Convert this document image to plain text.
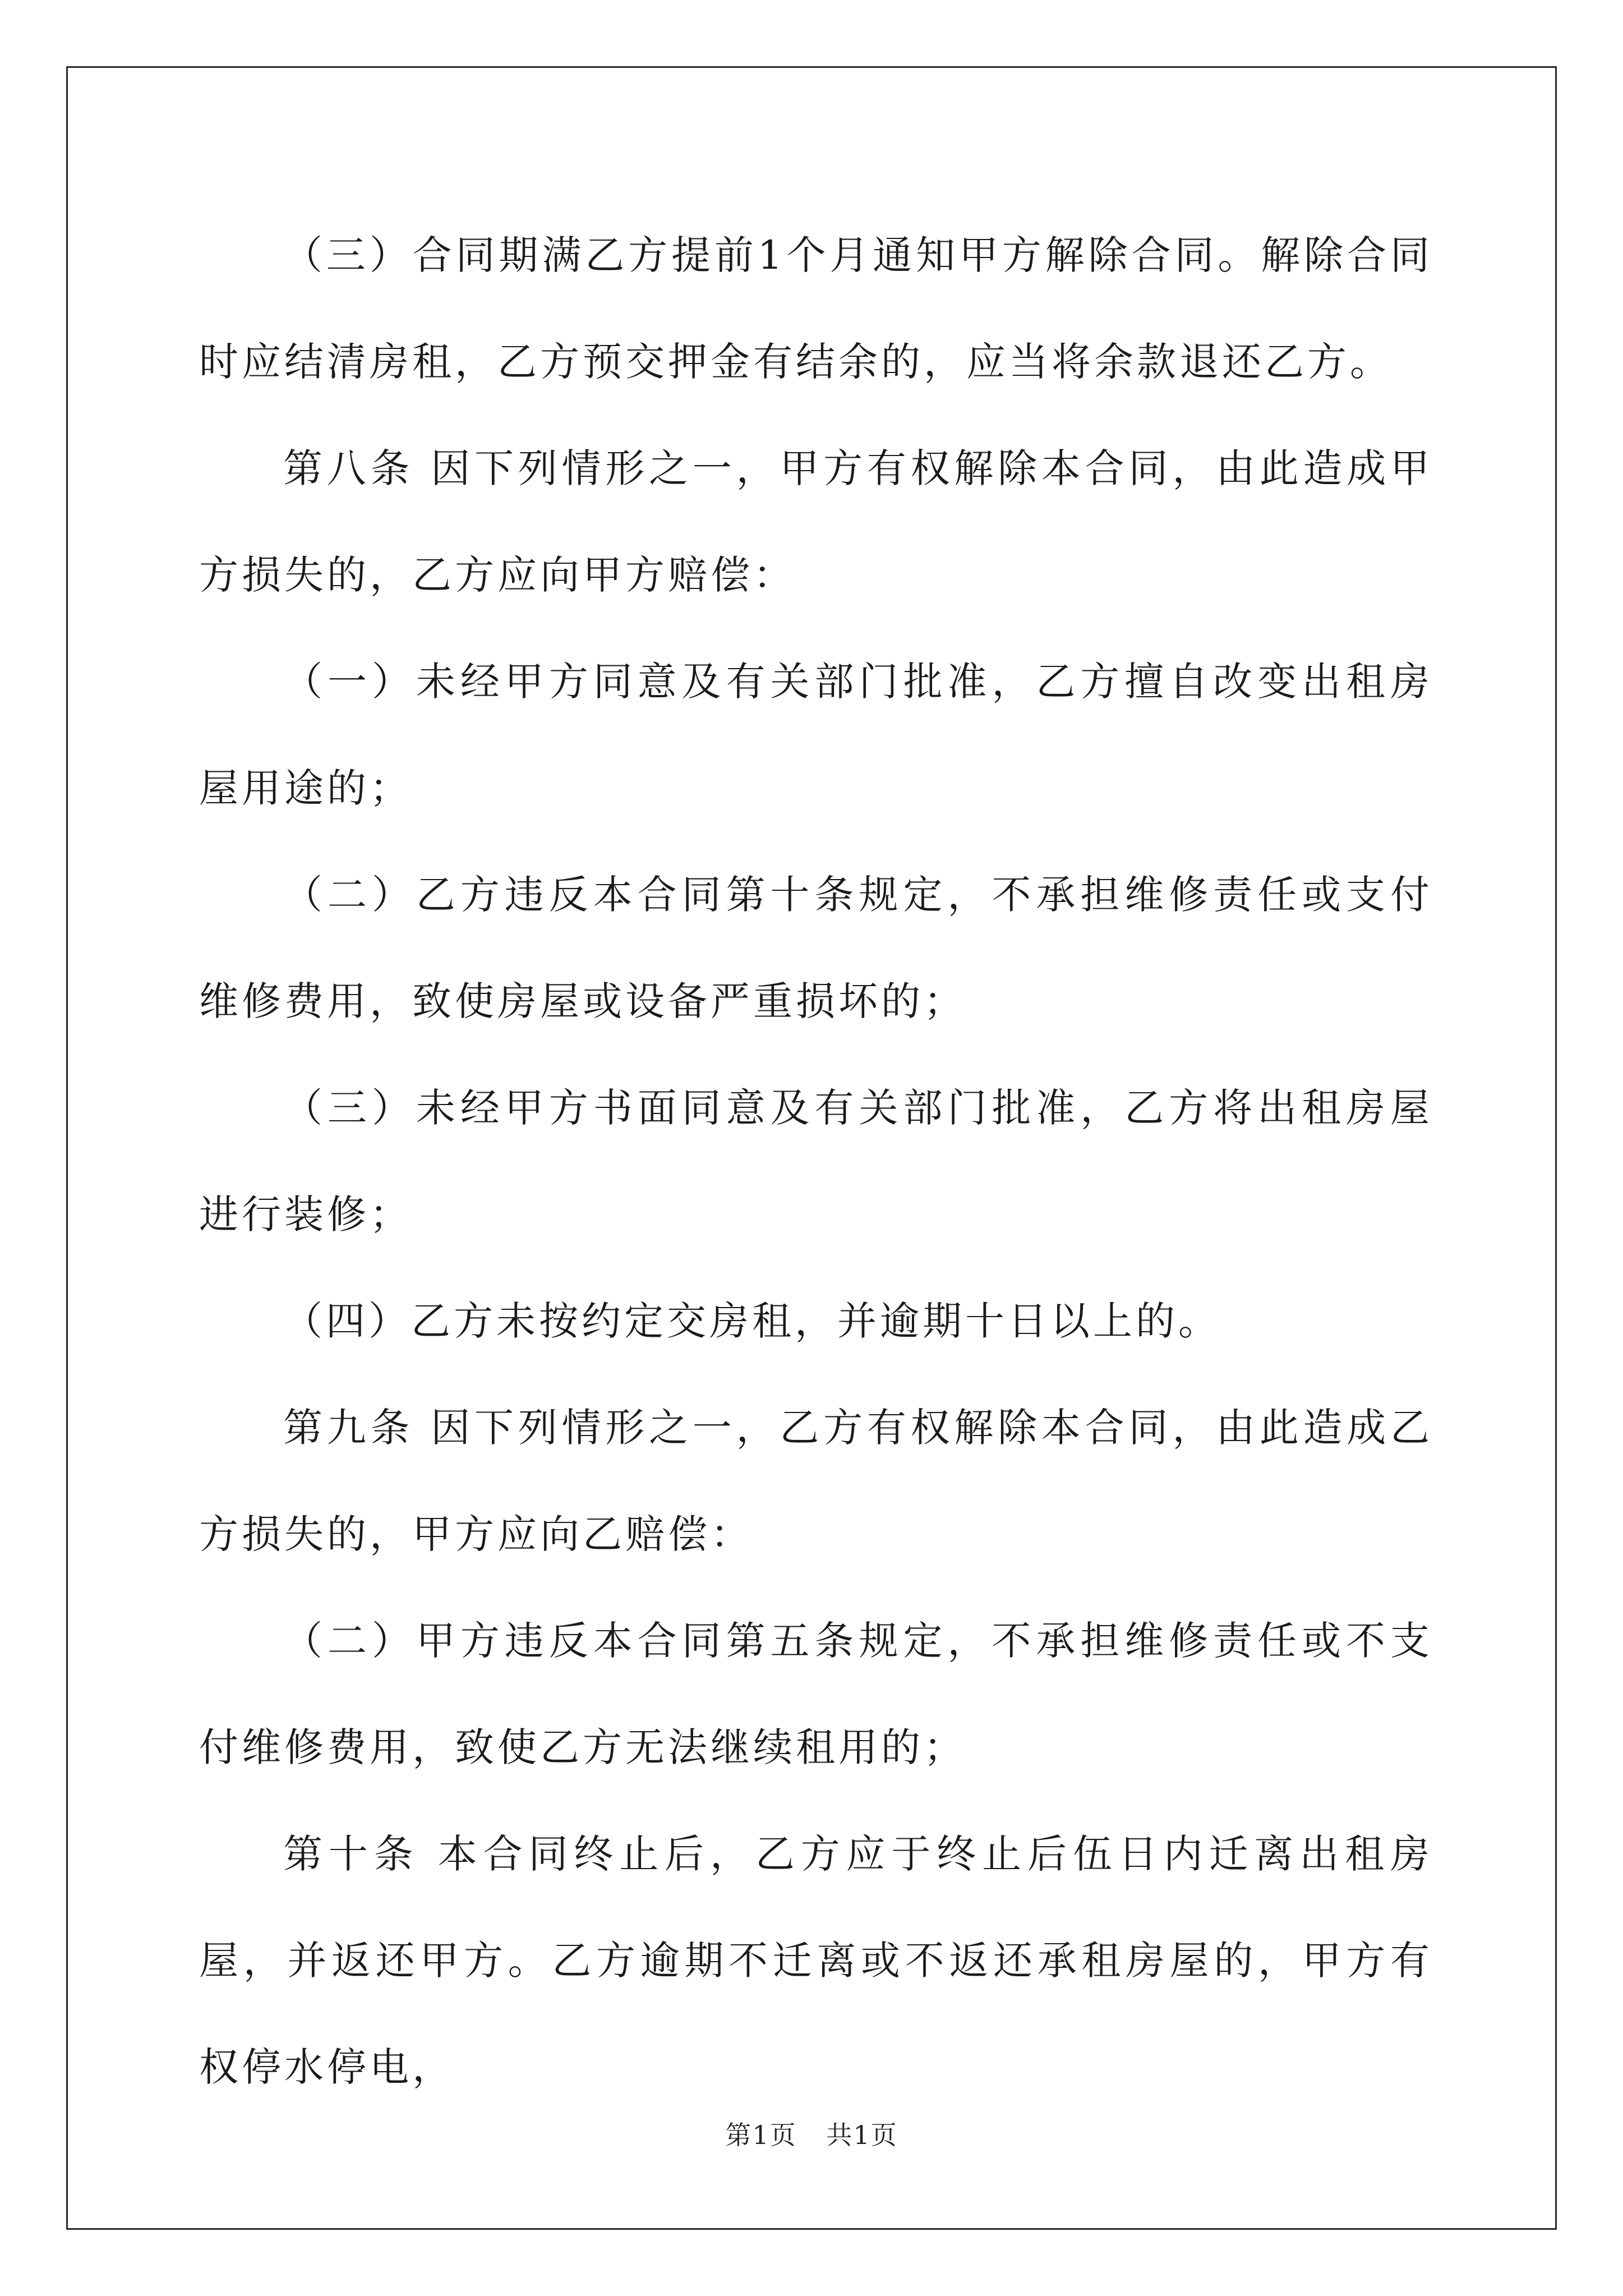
（三）合同期满乙方提前1个月通知甲方解除合同。解除合同时应结清房租，乙方预交押金有结余的，应当将余款退还乙方。

第八条 因下列情形之一，甲方有权解除本合同，由此造成甲方损失的，乙方应向甲方赔偿：

（一）未经甲方同意及有关部门批准，乙方擅自改变出租房屋用途的；

（二）乙方违反本合同第十条规定，不承担维修责任或支付维修费用，致使房屋或设备严重损坏的；

（三）未经甲方书面同意及有关部门批准，乙方将出租房屋进行装修；

（四）乙方未按约定交房租，并逾期十日以上的。

第九条 因下列情形之一，乙方有权解除本合同，由此造成乙方损失的，甲方应向乙赔偿：

（二）甲方违反本合同第五条规定，不承担维修责任或不支付维修费用，致使乙方无法继续租用的；

第十条 本合同终止后，乙方应于终止后伍日内迁离出租房屋，并返还甲方。乙方逾期不迁离或不返还承租房屋的，甲方有权停水停电，

第1页 共1页
